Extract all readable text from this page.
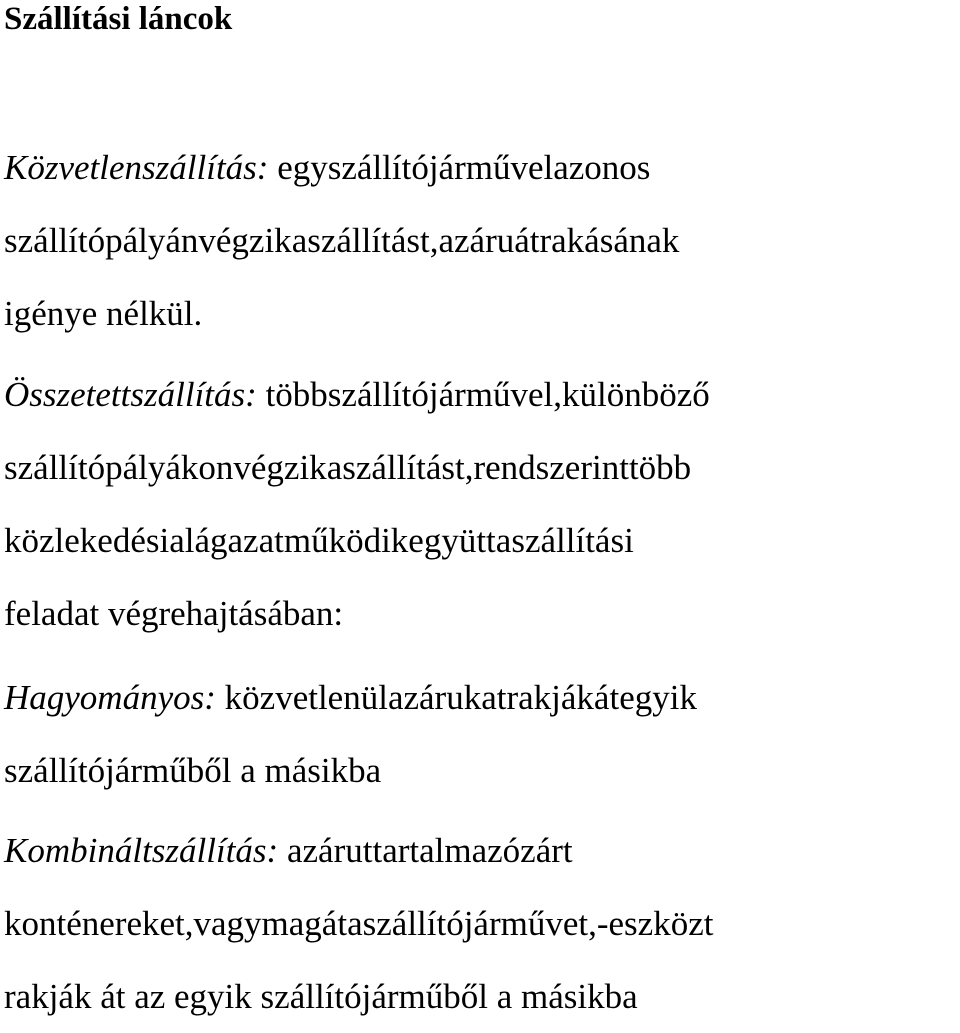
Szállítási láncok
Közvetlenszállítás: egyszállítójárművelazonos
szállítópályánvégzikaszállítást,azáruátrakásának
igénye nélkül.
Összetettszállítás: többszállítójárművel,különböző
szállítópályákonvégzikaszállítást,rendszerinttöbb
közlekedésialágazatműködikegyüttaszállítási
feladat végrehajtásában:
Hagyományos: közvetlenülazárukatrakjákátegyik
szállítójárműből a másikba
Kombináltszállítás: azáruttartalmazózárt
konténereket,vagymagátaszállítójárművet,-eszközt
rakják át az egyik szállítójárműből a másikba
